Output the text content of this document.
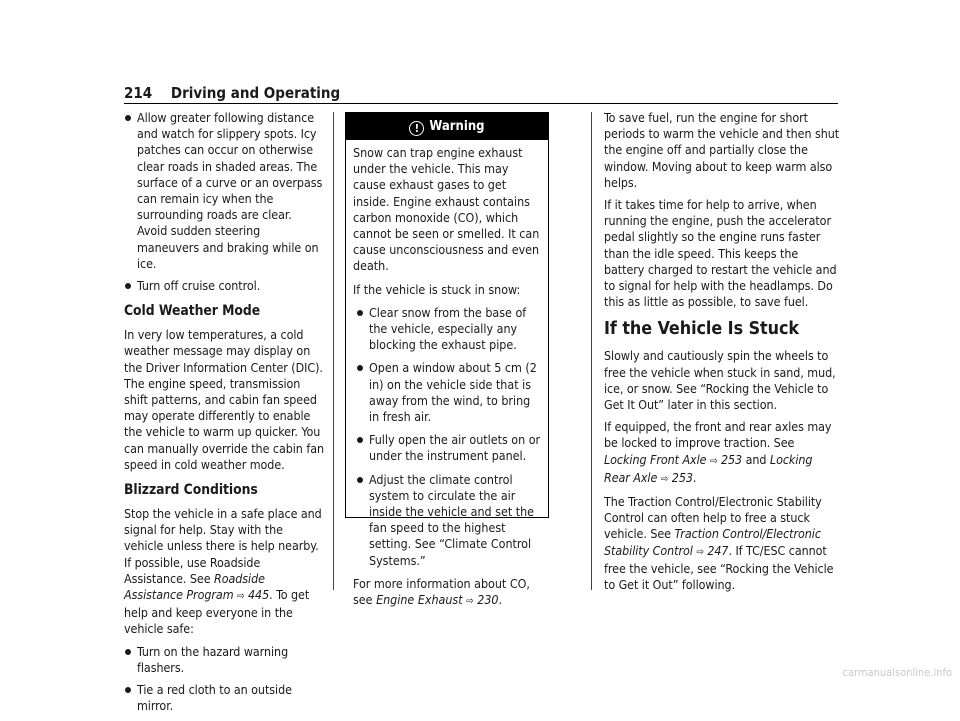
214 Driving and Operating
Allow greater following distance and watch for slippery spots. Icy patches can occur on otherwise clear roads in shaded areas. The surface of a curve or an overpass can remain icy when the surrounding roads are clear. Avoid sudden steering maneuvers and braking while on ice.
Turn off cruise control.
Cold Weather Mode

In very low temperatures, a cold weather message may display on the Driver Information Center (DIC). The engine speed, transmission shift patterns, and cabin fan speed may operate differently to enable the vehicle to warm up quicker. You can manually override the cabin fan speed in cold weather mode.

Blizzard Conditions

Stop the vehicle in a safe place and signal for help. Stay with the vehicle unless there is help nearby. If possible, use Roadside Assistance. See Roadside Assistance Program ⇨ 445. To get help and keep everyone in the vehicle safe:

Turn on the hazard warning flashers.
Tie a red cloth to an outside mirror.
! Warning

Snow can trap engine exhaust under the vehicle. This may cause exhaust gases to get inside. Engine exhaust contains carbon monoxide (CO), which cannot be seen or smelled. It can cause unconsciousness and even death.

If the vehicle is stuck in snow:

Clear snow from the base of the vehicle, especially any blocking the exhaust pipe.
Open a window about 5 cm (2 in) on the vehicle side that is away from the wind, to bring in fresh air.
Fully open the air outlets on or under the instrument panel.
Adjust the climate control system to circulate the air inside the vehicle and set the fan speed to the highest setting. See “Climate Control Systems.”

For more information about CO, see Engine Exhaust ⇨ 230.

To save fuel, run the engine for short periods to warm the vehicle and then shut the engine off and partially close the window. Moving about to keep warm also helps.

If it takes time for help to arrive, when running the engine, push the accelerator pedal slightly so the engine runs faster than the idle speed. This keeps the battery charged to restart the vehicle and to signal for help with the headlamps. Do this as little as possible, to save fuel.

If the Vehicle Is Stuck

Slowly and cautiously spin the wheels to free the vehicle when stuck in sand, mud, ice, or snow. See “Rocking the Vehicle to Get It Out” later in this section.

If equipped, the front and rear axles may be locked to improve traction. See Locking Front Axle ⇨ 253 and Locking Rear Axle ⇨ 253.

The Traction Control/Electronic Stability Control can often help to free a stuck vehicle. See Traction Control/Electronic Stability Control ⇨ 247. If TC/ESC cannot free the vehicle, see “Rocking the Vehicle to Get it Out” following.

carmanualsonline.info
